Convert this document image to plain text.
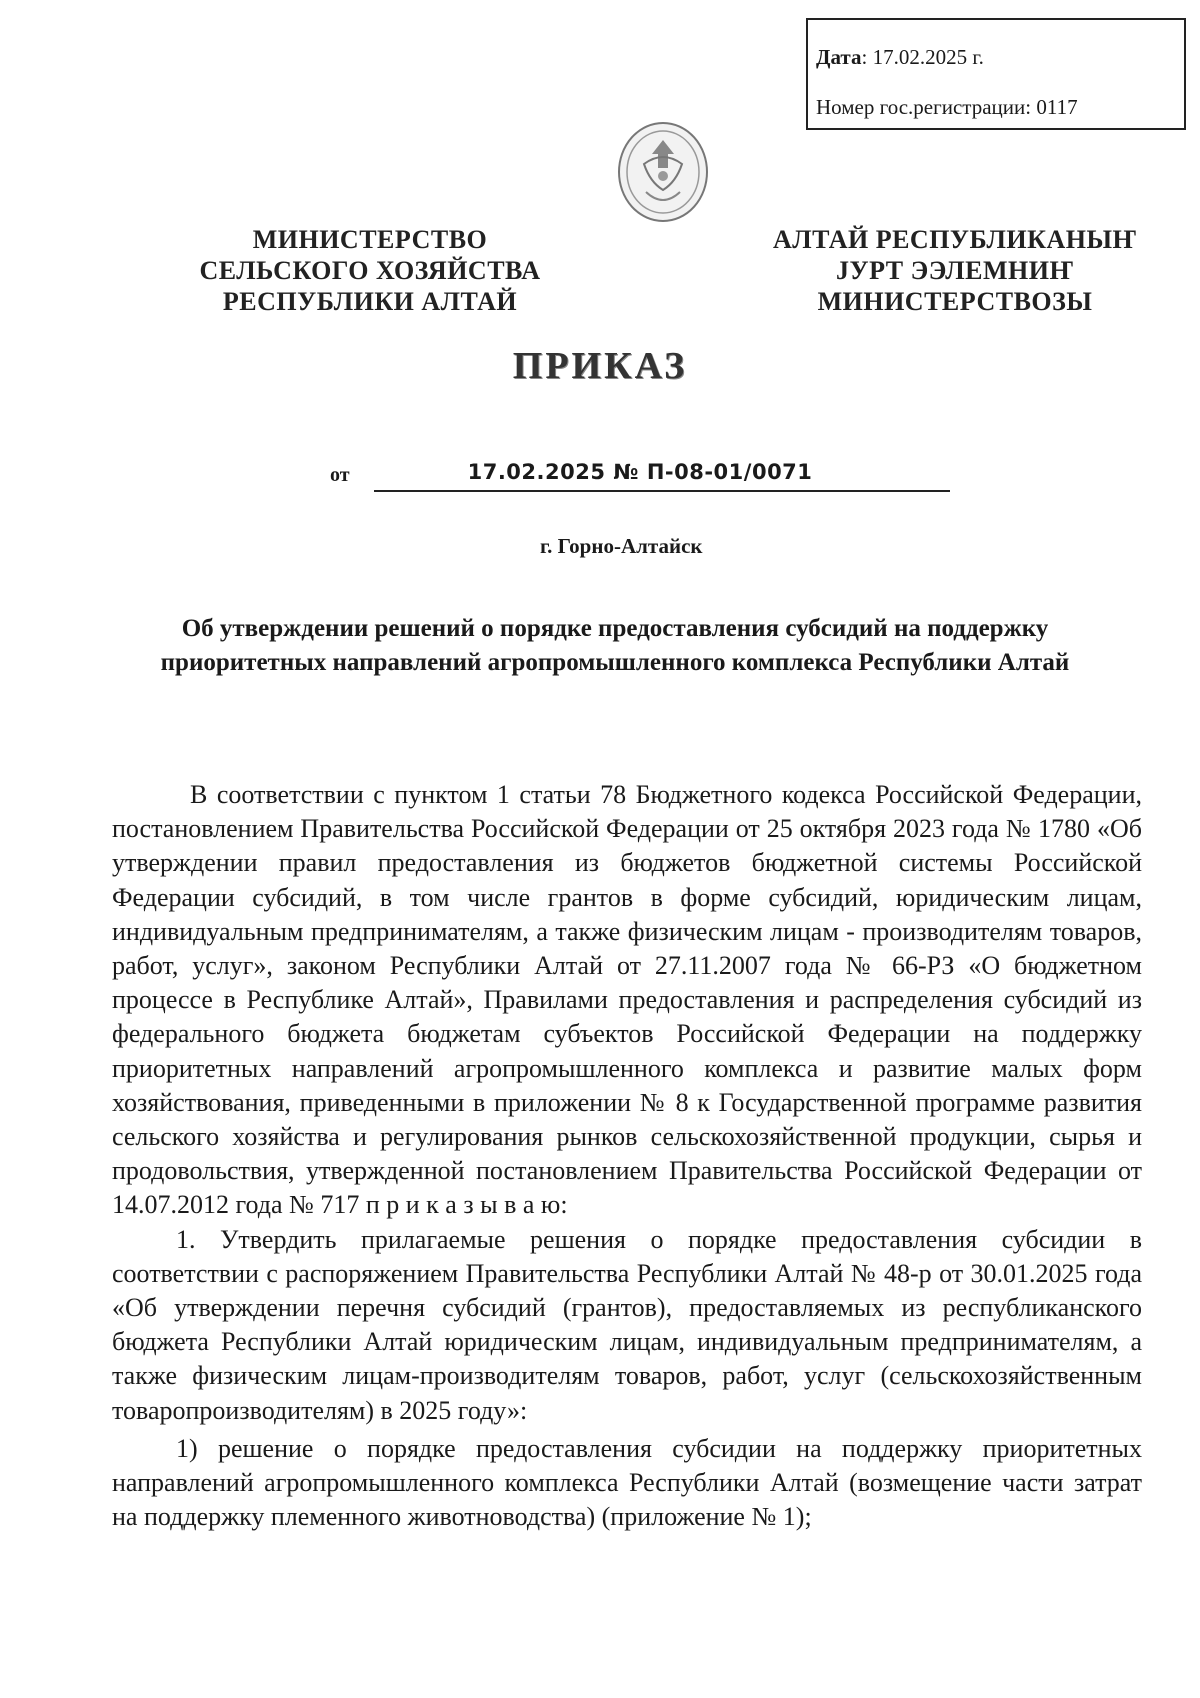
Дата: 17.02.2025 г.
Номер гос.регистрации: 0117
МИНИСТЕРСТВО
СЕЛЬСКОГО ХОЗЯЙСТВА
РЕСПУБЛИКИ АЛТАЙ
АЛТАЙ РЕСПУБЛИКАНЫҤ
ЈУРТ ЭЭЛЕМНИҤ
МИНИСТЕРСТВОЗЫ
ПРИКАЗ
от	17.02.2025 № П-08-01/0071
г. Горно-Алтайск
Об утверждении решений о порядке предоставления субсидий на поддержку приоритетных направлений агропромышленного комплекса Республики Алтай

В соответствии с пунктом 1 статьи 78 Бюджетного кодекса Российской Федерации, постановлением Правительства Российской Федерации от 25 октября 2023 года № 1780 «Об утверждении правил предоставления из бюджетов бюджетной системы Российской Федерации субсидий, в том числе грантов в форме субсидий, юридическим лицам, индивидуальным предпринимателям, а также физическим лицам - производителям товаров, работ, услуг», законом Республики Алтай от 27.11.2007 года № 66-РЗ «О бюджетном процессе в Республике Алтай», Правилами предоставления и распределения субсидий из федерального бюджета бюджетам субъектов Российской Федерации на поддержку приоритетных направлений агропромышленного комплекса и развитие малых форм хозяйствования, приведенными в приложении № 8 к Государственной программе развития сельского хозяйства и регулирования рынков сельскохозяйственной продукции, сырья и продовольствия, утвержденной постановлением Правительства Российской Федерации от 14.07.2012 года № 717 п р и к а з ы в а ю:

1. Утвердить прилагаемые решения о порядке предоставления субсидии в соответствии с распоряжением Правительства Республики Алтай № 48-р от 30.01.2025 года «Об утверждении перечня субсидий (грантов), предоставляемых из республиканского бюджета Республики Алтай юридическим лицам, индивидуальным предпринимателям, а также физическим лицам-производителям товаров, работ, услуг (сельскохозяйственным товаропроизводителям) в 2025 году»:

1) решение о порядке предоставления субсидии на поддержку приоритетных направлений агропромышленного комплекса Республики Алтай (возмещение части затрат на поддержку племенного животноводства) (приложение № 1);
